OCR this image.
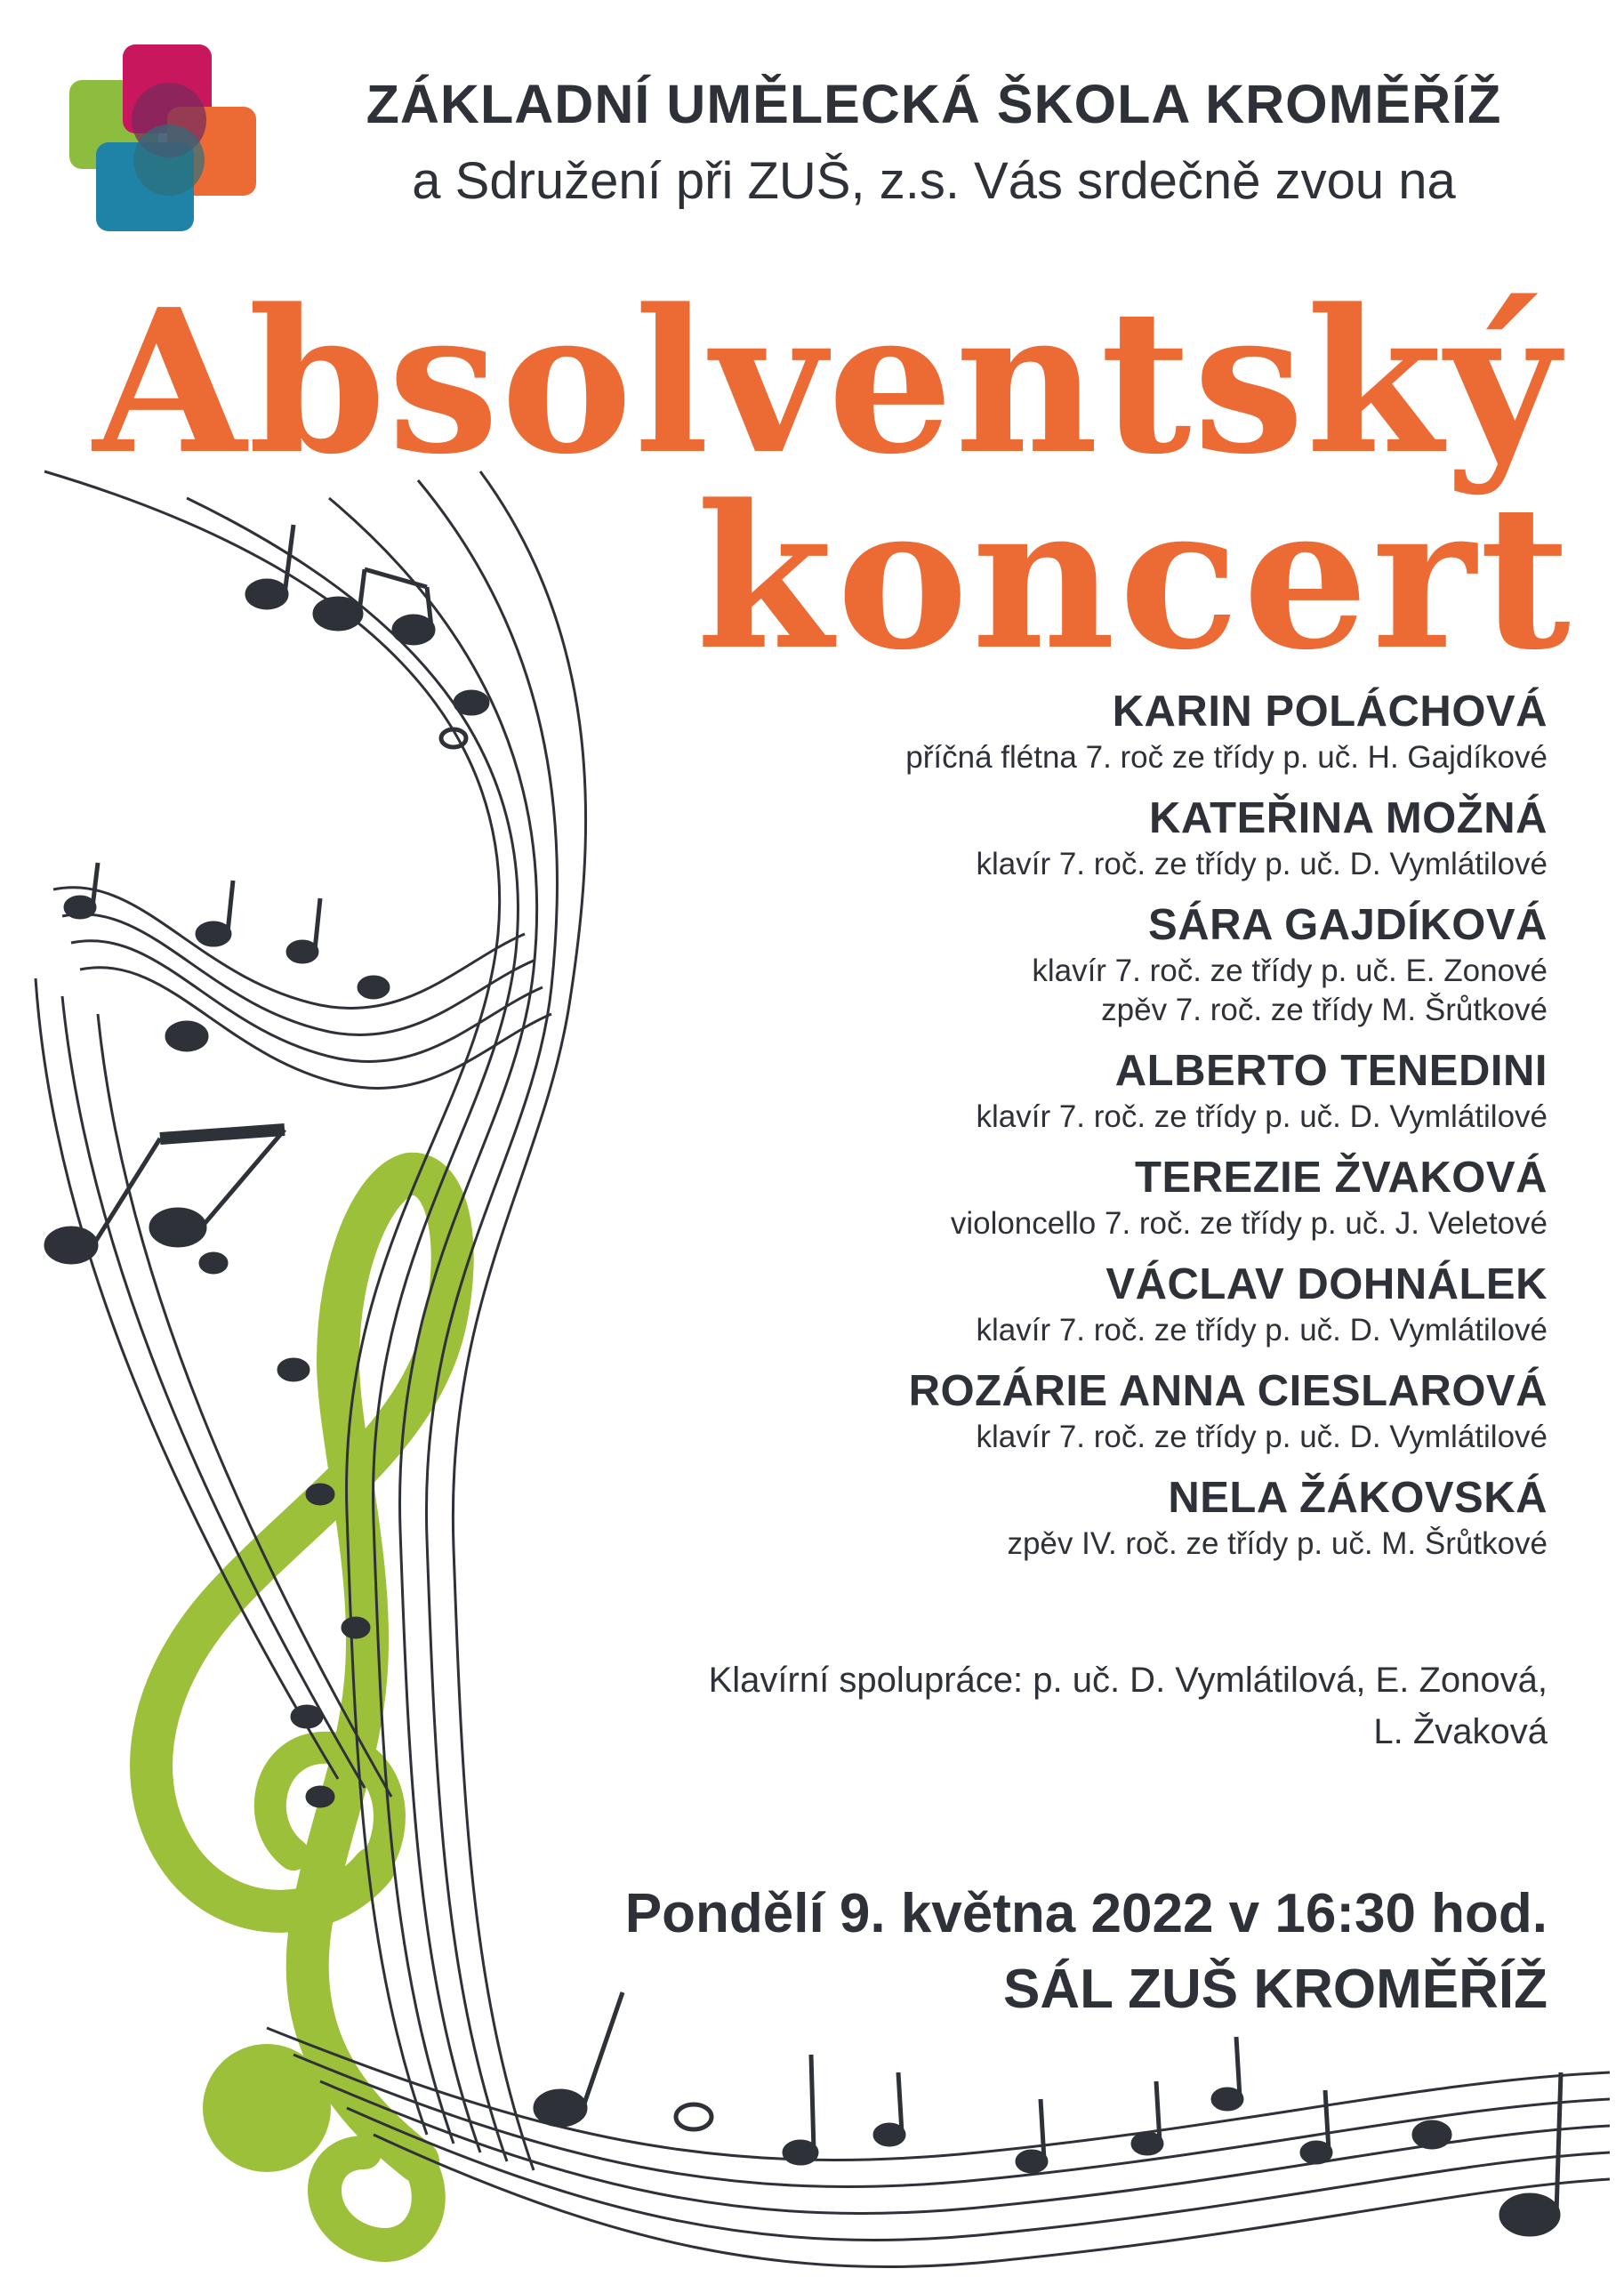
ZÁKLADNÍ UMĚLECKÁ ŠKOLA KROMĚŘÍŽ
a Sdružení při ZUŠ, z.s. Vás srdečně zvou na
Absolventský
koncert
KARIN POLÁCHOVÁ
příčná flétna 7. roč ze třídy p. uč. H. Gajdíkové
KATEŘINA MOŽNÁ
klavír 7. roč. ze třídy p. uč. D. Vymlátilové
SÁRA GAJDÍKOVÁ
klavír 7. roč. ze třídy p. uč. E. Zonové
zpěv 7. roč. ze třídy M. Šrůtkové
ALBERTO TENEDINI
klavír 7. roč. ze třídy p. uč. D. Vymlátilové
TEREZIE ŽVAKOVÁ
violoncello 7. roč. ze třídy p. uč. J. Veletové
VÁCLAV DOHNÁLEK
klavír 7. roč. ze třídy p. uč. D. Vymlátilové
ROZÁRIE ANNA CIESLAROVÁ
klavír 7. roč. ze třídy p. uč. D. Vymlátilové
NELA ŽÁKOVSKÁ
zpěv IV. roč. ze třídy p. uč. M. Šrůtkové
Klavírní spolupráce: p. uč. D. Vymlátilová, E. Zonová,
L. Žvaková
Pondělí 9. května 2022 v 16:30 hod.
SÁL ZUŠ KROMĚŘÍŽ
